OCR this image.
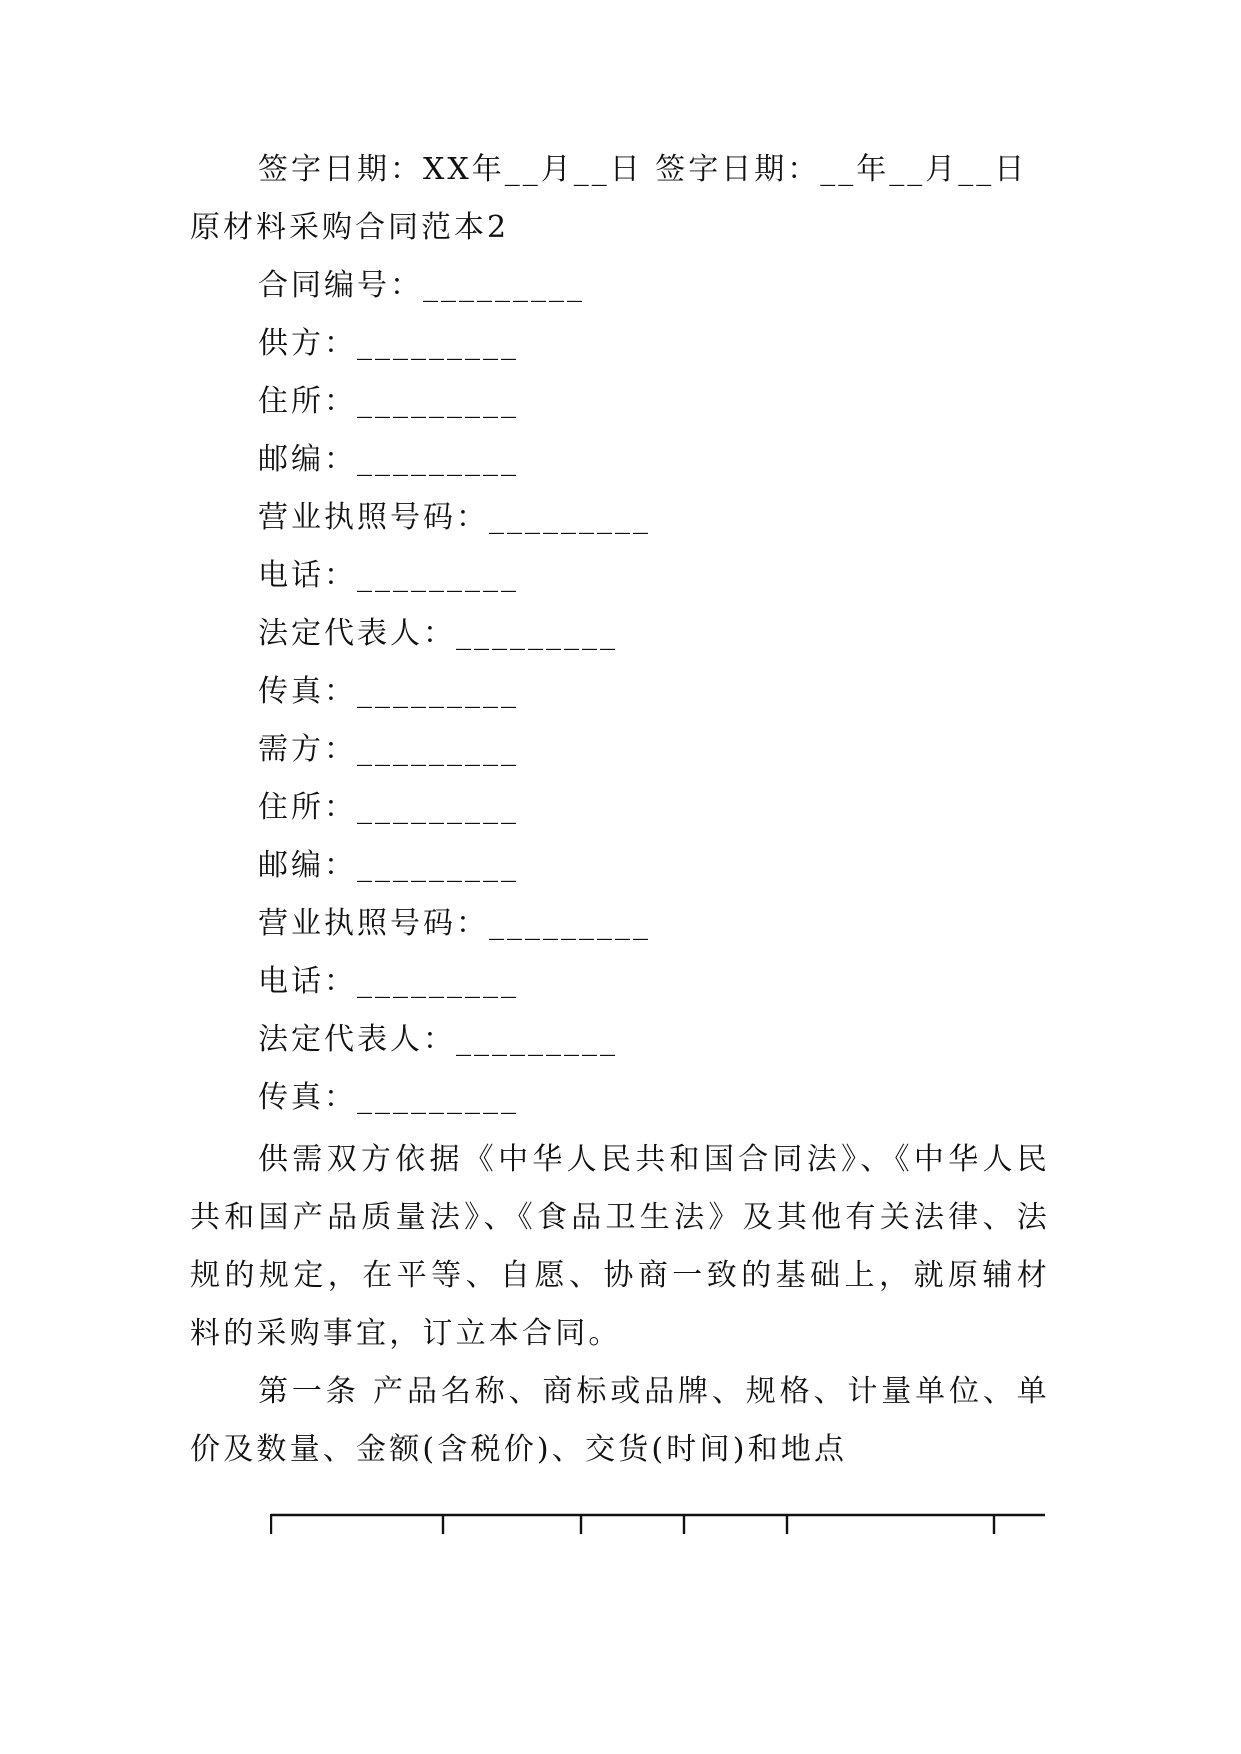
签字日期：XX年__月__日 签字日期：__年__月__日
原材料采购合同范本2
合同编号：_________
供方：_________
住所：_________
邮编：_________
营业执照号码：_________
电话：_________
法定代表人：_________
传真：_________
需方：_________
住所：_________
邮编：_________
营业执照号码：_________
电话：_________
法定代表人：_________
传真：_________
供需双方依据《中华人民共和国合同法》、《中华人民共和国产品质量法》、《食品卫生法》及其他有关法律、法规的规定，在平等、自愿、协商一致的基础上，就原辅材料的采购事宜，订立本合同。
第一条 产品名称、商标或品牌、规格、计量单位、单价及数量、金额(含税价)、交货(时间)和地点
